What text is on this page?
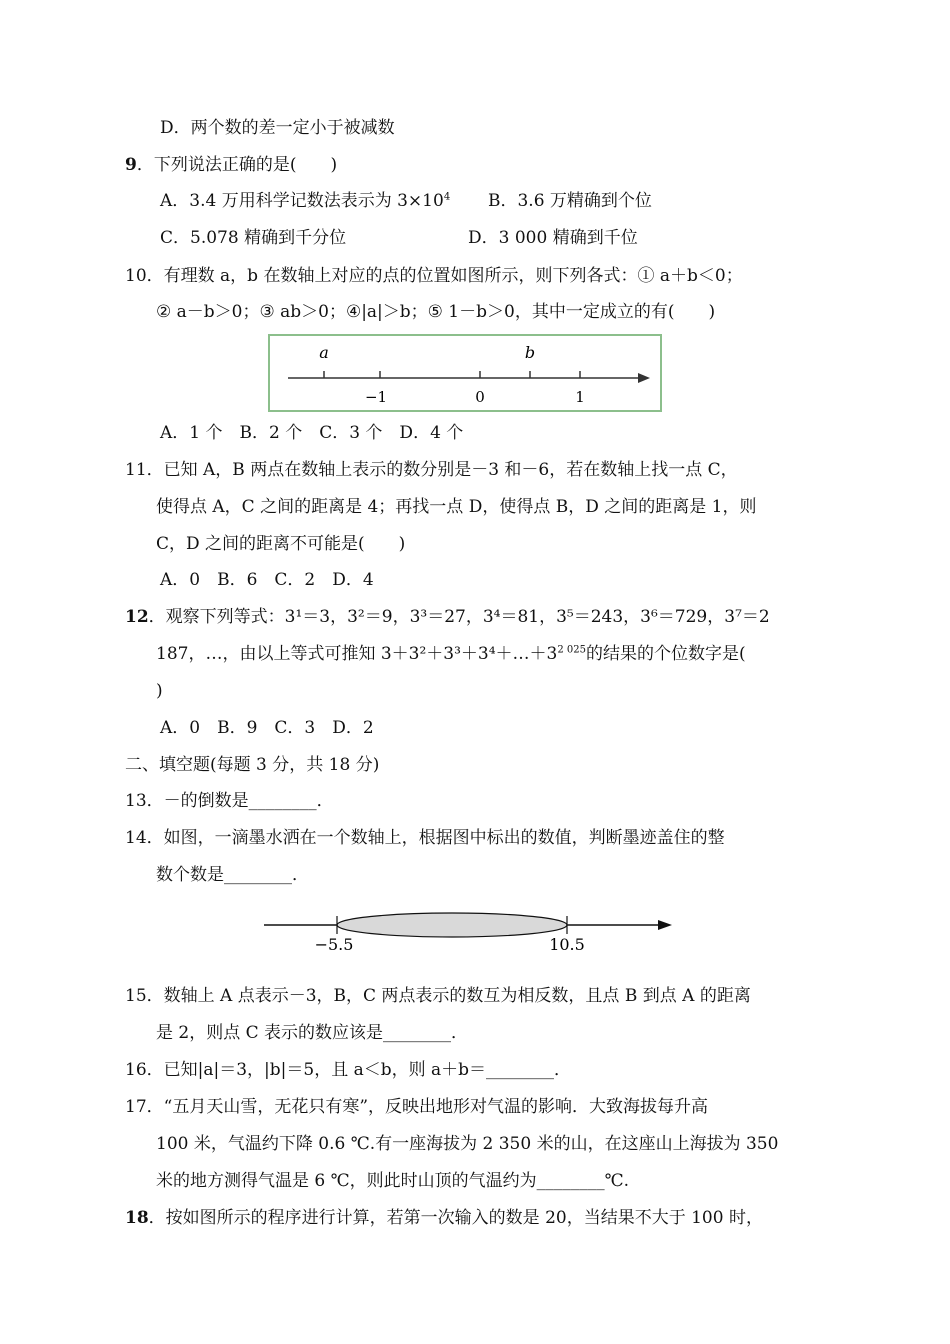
D．两个数的差一定小于被减数
9．下列说法正确的是(　　)
A．3.4 万用科学记数法表示为 $3\times 10^4$ B．3.6 万精确到个位
C．5.078 精确到千分位	D．3 000 精确到千位
10．有理数 a，b 在数轴上对应的点的位置如图所示，则下列各式：① a＋b＜0；
② a－b＞0；③ ab＞0；④|a|＞b；⑤ 1－b＞0，其中一定成立的有(　　)
a	b
−1	0	1
A．1 个　B．2 个　C．3 个　D．4 个
11．已知 A，B 两点在数轴上表示的数分别是－3 和－6，若在数轴上找一点 C，
使得点 A，C 之间的距离是 4；再找一点 D，使得点 B，D 之间的距离是 1，则
C，D 之间的距离不可能是(　　)
A．0　B．6　C．2　D．4
12．观察下列等式：3¹＝3，3²＝9，3³＝27，3⁴＝81，3⁵＝243，3⁶＝729，3⁷＝2
187，…，由以上等式可推知 $3+3^2+3^3+3^4+\dots+3^{2 025}$的结果的个位数字是(
)
A．0　B．9　C．3　D．2
二、填空题(每题 3 分，共 18 分)
13．－的倒数是________．
14．如图，一滴墨水洒在一个数轴上，根据图中标出的数值，判断墨迹盖住的整
数个数是________．
−5.5	10.5
15．数轴上 A 点表示－3，B，C 两点表示的数互为相反数，且点 B 到点 A 的距离
是 2，则点 C 表示的数应该是________．
16．已知|a|＝3，|b|＝5，且 a＜b，则 a＋b＝________．
17．“五月天山雪，无花只有寒”，反映出地形对气温的影响．大致海拔每升高
100 米，气温约下降 0.6 ℃.有一座海拔为 2 350 米的山，在这座山上海拔为 350
米的地方测得气温是 6 ℃，则此时山顶的气温约为________℃.
18．按如图所示的程序进行计算，若第一次输入的数是 20，当结果不大于 100 时，
